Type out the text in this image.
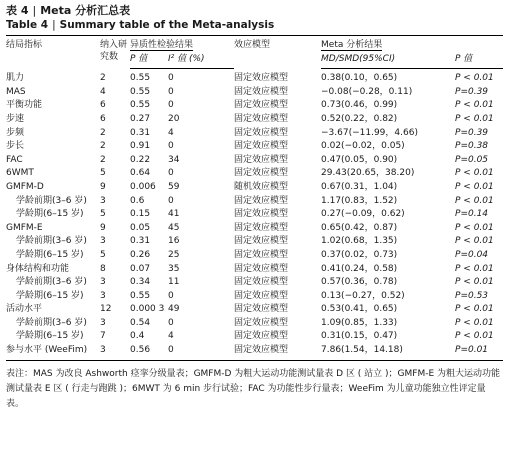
表 4 | Meta 分析汇总表
Table 4 | Summary table of the Meta-analysis
结局指标	纳入研究数	异质性检验结果		效应模型	Meta 分析结果	
		P 值	I² 值 (%)		MD/SMD(95%CI)	P 值
肌力	2	0.55	0	固定效应模型	0.38(0.10，0.65)	P < 0.01
MAS	4	0.55	0	固定效应模型	−0.08(−0.28，0.11)	P=0.39
平衡功能	6	0.55	0	固定效应模型	0.73(0.46，0.99)	P < 0.01
步速	6	0.27	20	固定效应模型	0.52(0.22，0.82)	P < 0.01
步频	2	0.31	4	固定效应模型	−3.67(−11.99，4.66)	P=0.39
步长	2	0.91	0	固定效应模型	0.02(−0.02，0.05)	P=0.38
FAC	2	0.22	34	固定效应模型	0.47(0.05，0.90)	P=0.05
6WMT	5	0.64	0	固定效应模型	29.43(20.65，38.20)	P < 0.01
GMFM-D	9	0.006	59	随机效应模型	0.67(0.31，1.04)	P < 0.01
学龄前期(3–6 岁)	3	0.6	0	固定效应模型	1.17(0.83，1.52)	P < 0.01
学龄期(6–15 岁)	5	0.15	41	固定效应模型	0.27(−0.09，0.62)	P=0.14
GMFM-E	9	0.05	45	固定效应模型	0.65(0.42，0.87)	P < 0.01
学龄前期(3–6 岁)	3	0.31	16	固定效应模型	1.02(0.68，1.35)	P < 0.01
学龄期(6–15 岁)	5	0.26	25	固定效应模型	0.37(0.02，0.73)	P=0.04
身体结构和功能	8	0.07	35	固定效应模型	0.41(0.24，0.58)	P < 0.01
学龄前期(3–6 岁)	3	0.34	11	固定效应模型	0.57(0.36，0.78)	P < 0.01
学龄期(6–15 岁)	3	0.55	0	固定效应模型	0.13(−0.27，0.52)	P=0.53
活动水平	12	0.000 3	49	固定效应模型	0.53(0.41，0.65)	P < 0.01
学龄前期(3–6 岁)	3	0.54	0	固定效应模型	1.09(0.85，1.33)	P < 0.01
学龄期(6–15 岁)	7	0.4	4	固定效应模型	0.31(0.15，0.47)	P < 0.01
参与水平 (WeeFim)	3	0.56	0	固定效应模型	7.86(1.54，14.18)	P=0.01
表注：MAS 为改良 Ashworth 痉挛分级量表；GMFM-D 为粗大运动功能测试量表 D 区 ( 站立 )；GMFM-E 为粗大运动功能测试量表 E 区 ( 行走与跑跳 )；6MWT 为 6 min 步行试验；FAC 为功能性步行量表；WeeFim 为儿童功能独立性评定量表。
